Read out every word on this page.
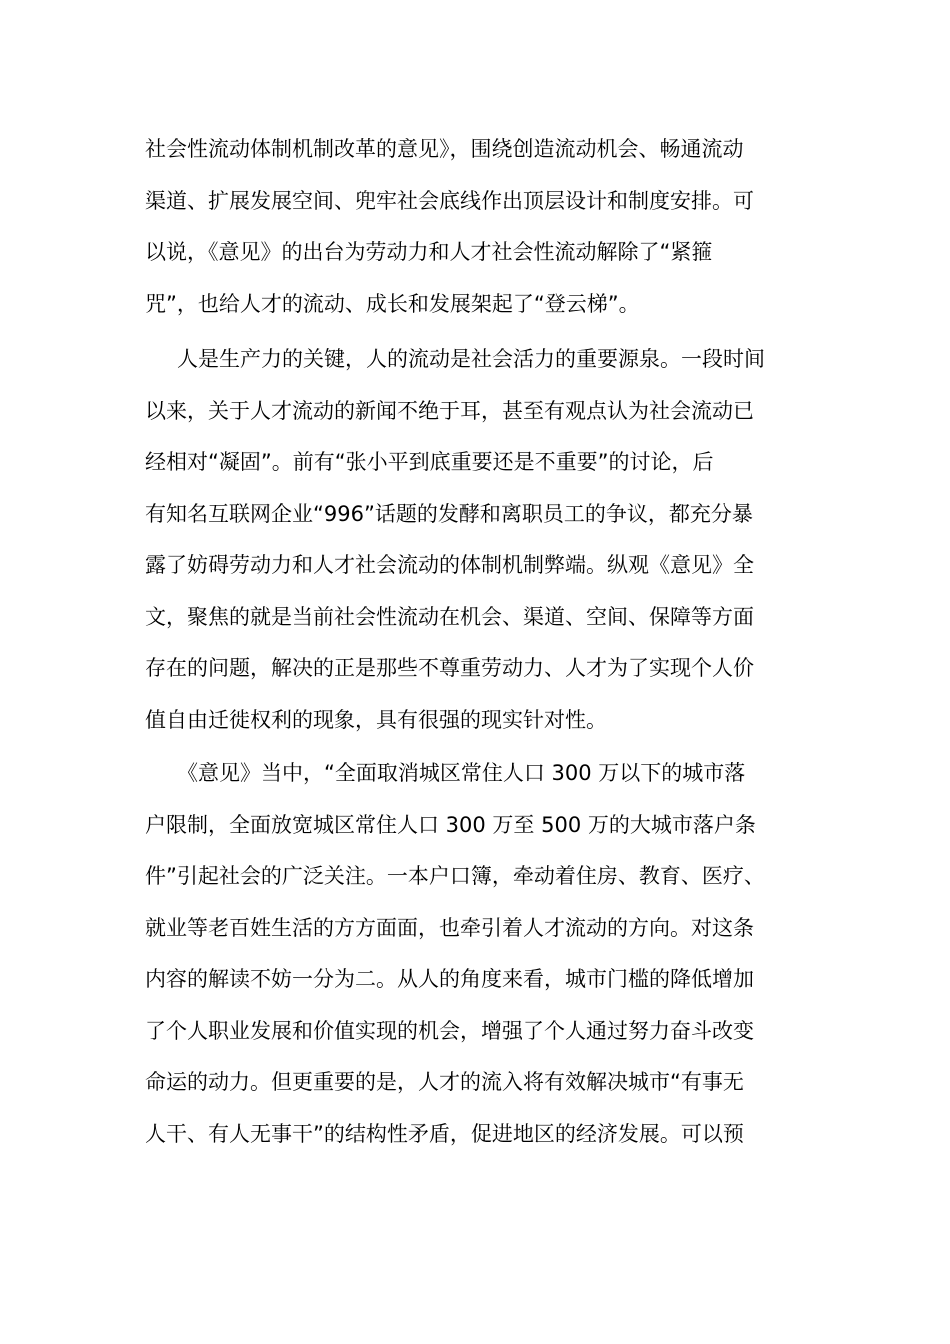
社会性流动体制机制改革的意见》，围绕创造流动机会、畅通流动
渠道、扩展发展空间、兜牢社会底线作出顶层设计和制度安排。可
以说，《意见》的出台为劳动力和人才社会性流动解除了“紧箍
咒”，也给人才的流动、成长和发展架起了“登云梯”。
人是生产力的关键，人的流动是社会活力的重要源泉。一段时间
以来，关于人才流动的新闻不绝于耳，甚至有观点认为社会流动已
经相对“凝固”。前有“张小平到底重要还是不重要”的讨论，后
有知名互联网企业“996”话题的发酵和离职员工的争议，都充分暴
露了妨碍劳动力和人才社会流动的体制机制弊端。纵观《意见》全
文，聚焦的就是当前社会性流动在机会、渠道、空间、保障等方面
存在的问题，解决的正是那些不尊重劳动力、人才为了实现个人价
值自由迁徙权利的现象，具有很强的现实针对性。
《意见》当中，“全面取消城区常住人口 300 万以下的城市落
户限制，全面放宽城区常住人口 300 万至 500 万的大城市落户条
件”引起社会的广泛关注。一本户口簿，牵动着住房、教育、医疗、
就业等老百姓生活的方方面面，也牵引着人才流动的方向。对这条
内容的解读不妨一分为二。从人的角度来看，城市门槛的降低增加
了个人职业发展和价值实现的机会，增强了个人通过努力奋斗改变
命运的动力。但更重要的是，人才的流入将有效解决城市“有事无
人干、有人无事干”的结构性矛盾，促进地区的经济发展。可以预
